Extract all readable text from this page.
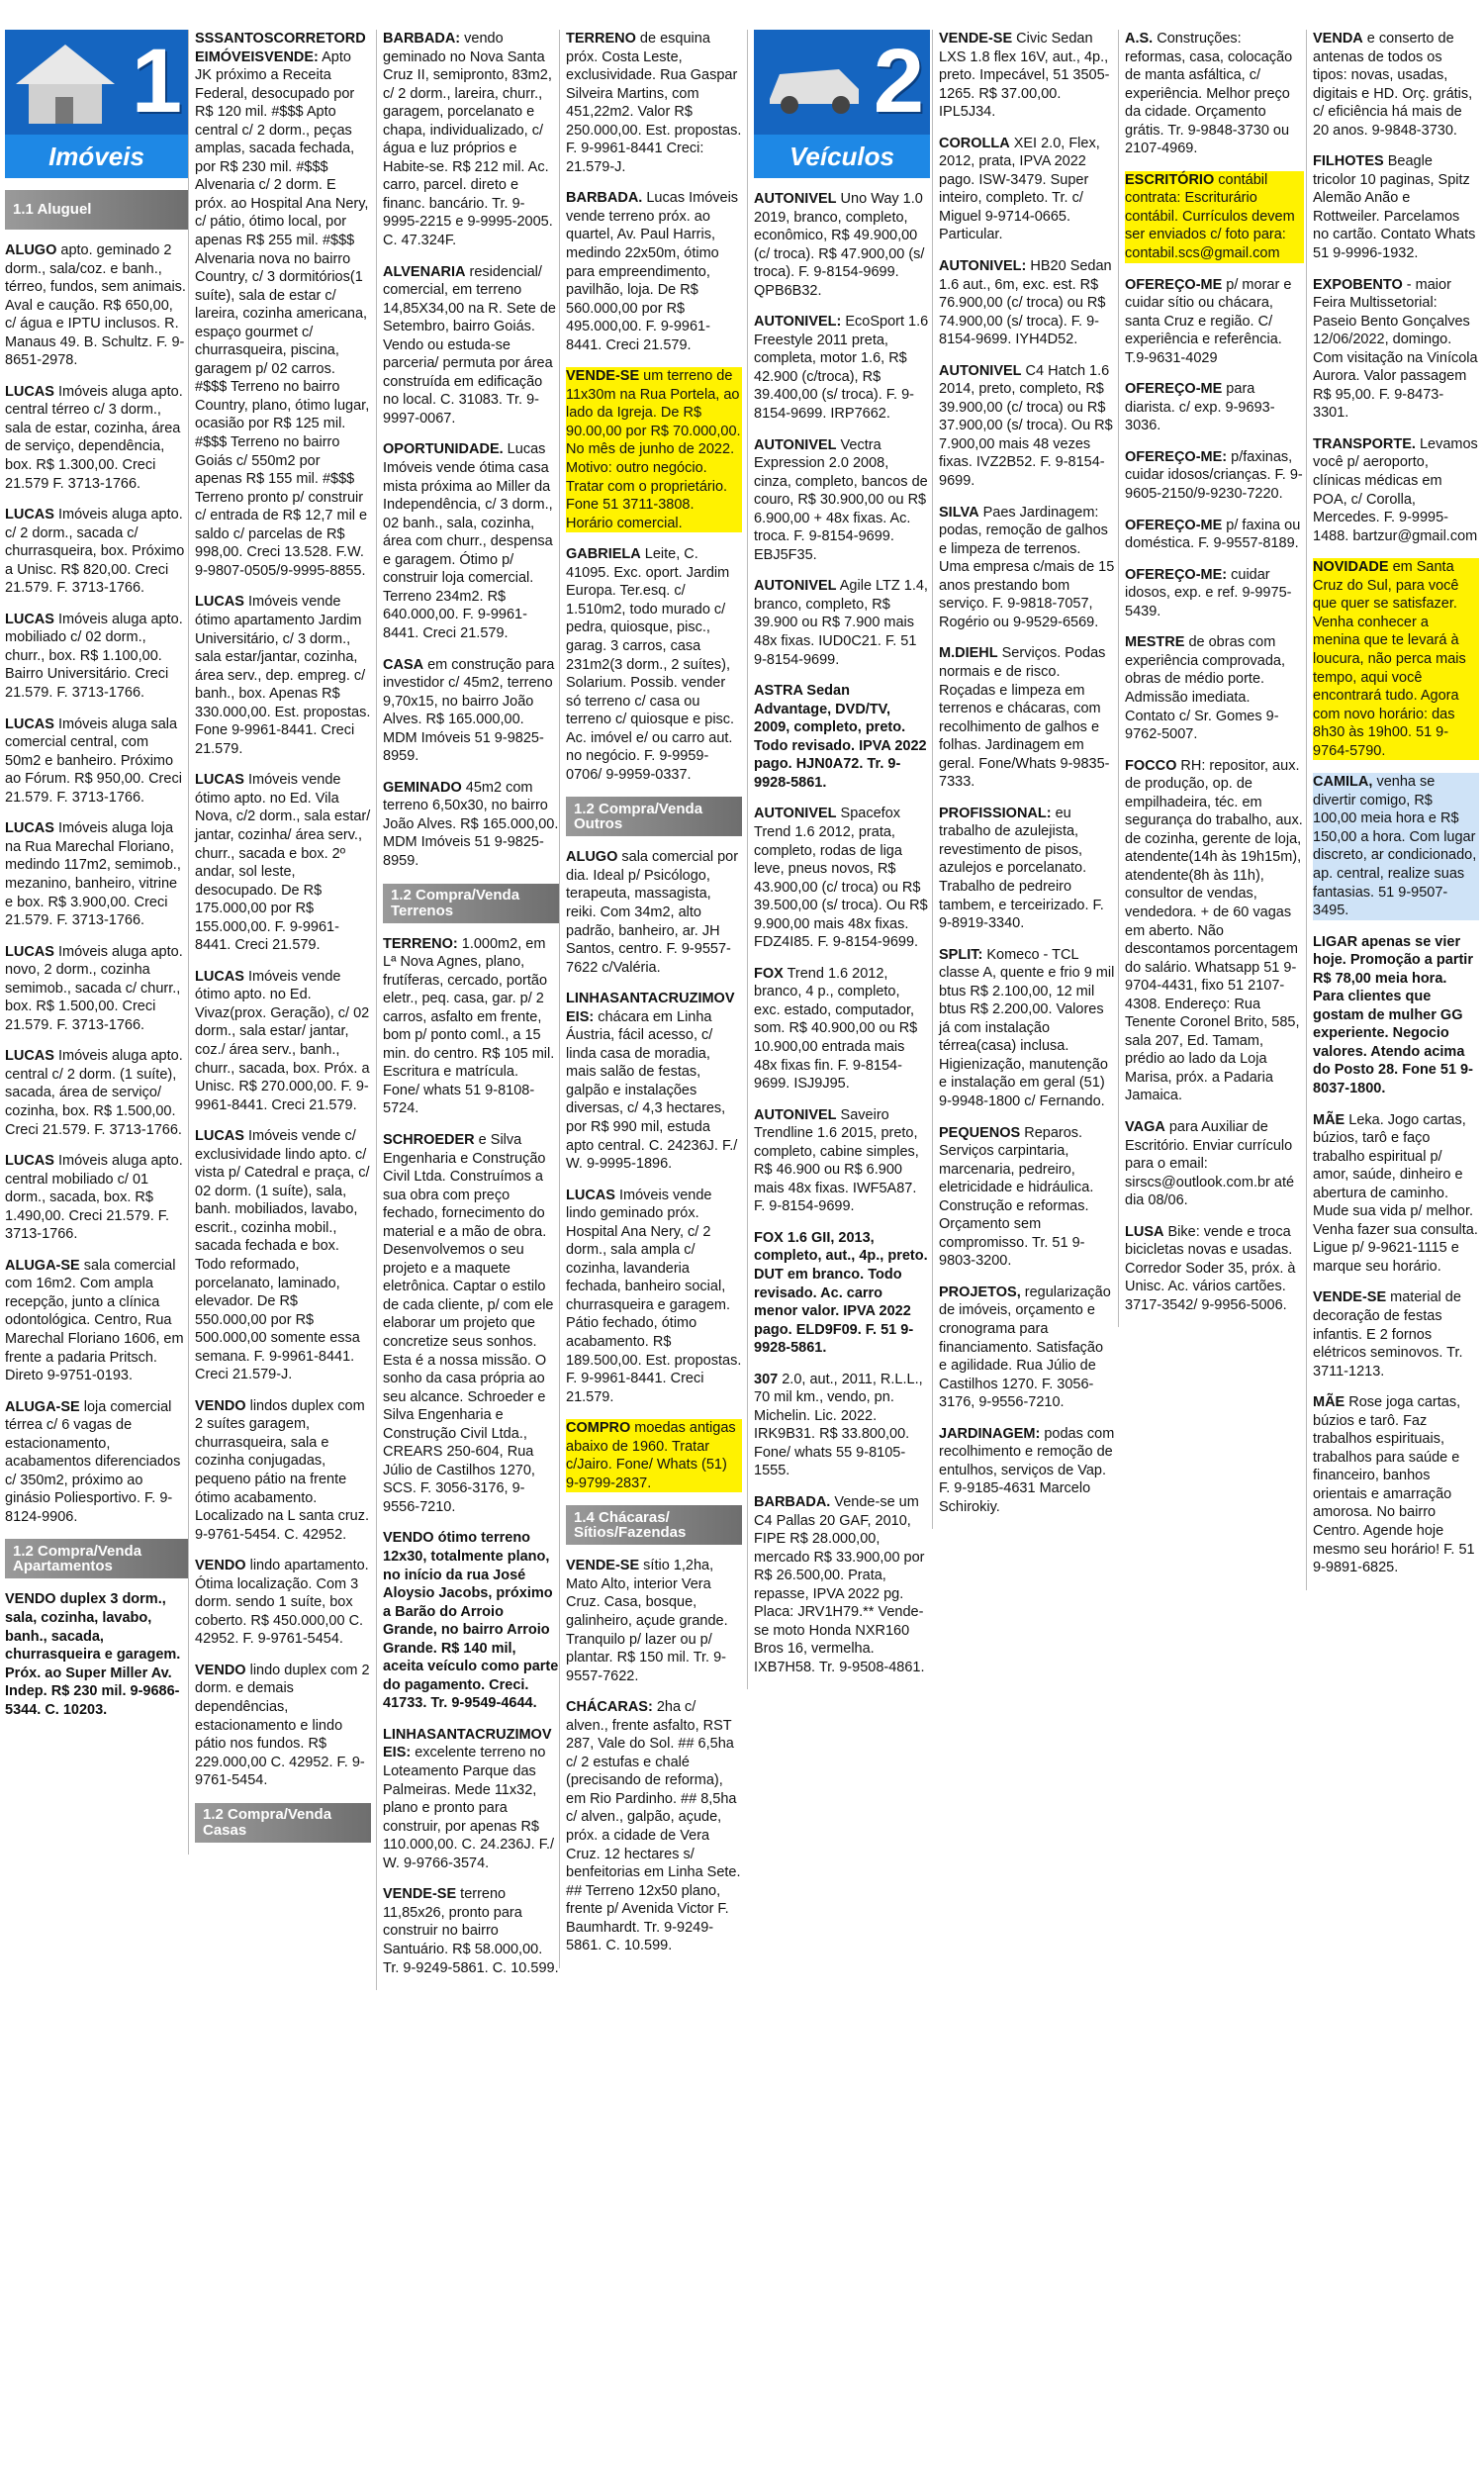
1
Imóveis
1.1 Aluguel

ALUGO apto. geminado 2 dorm., sala/coz. e banh., térreo, fundos, sem animais. Aval e caução. R$ 650,00, c/ água e IPTU inclusos. R. Manaus 49. B. Schultz. F. 9-8651-2978.

LUCAS Imóveis aluga apto. central térreo c/ 3 dorm., sala de estar, cozinha, área de serviço, dependência, box. R$ 1.300,00. Creci 21.579 F. 3713-1766.

LUCAS Imóveis aluga apto. c/ 2 dorm., sacada c/ churrasqueira, box. Próximo a Unisc. R$ 820,00. Creci 21.579. F. 3713-1766.

LUCAS Imóveis aluga apto. mobiliado c/ 02 dorm., churr., box. R$ 1.100,00. Bairro Universitário. Creci 21.579. F. 3713-1766.

LUCAS Imóveis aluga sala comercial central, com 50m2 e banheiro. Próximo ao Fórum. R$ 950,00. Creci 21.579. F. 3713-1766.

LUCAS Imóveis aluga loja na Rua Marechal Floriano, medindo 117m2, semimob., mezanino, banheiro, vitrine e box. R$ 3.900,00. Creci 21.579. F. 3713-1766.

LUCAS Imóveis aluga apto. novo, 2 dorm., cozinha semimob., sacada c/ churr., box. R$ 1.500,00. Creci 21.579. F. 3713-1766.

LUCAS Imóveis aluga apto. central c/ 2 dorm. (1 suíte), sacada, área de serviço/ cozinha, box. R$ 1.500,00. Creci 21.579. F. 3713-1766.

LUCAS Imóveis aluga apto. central mobiliado c/ 01 dorm., sacada, box. R$ 1.490,00. Creci 21.579. F. 3713-1766.

ALUGA-SE sala comercial com 16m2. Com ampla recepção, junto a clínica odontológica. Centro, Rua Marechal Floriano 1606, em frente a padaria Pritsch. Direto 9-9751-0193.

ALUGA-SE loja comercial térrea c/ 6 vagas de estacionamento, acabamentos diferenciados c/ 350m2, próximo ao ginásio Poliesportivo. F. 9-8124-9906.

1.2 Compra/Venda Apartamentos

VENDO duplex 3 dorm., sala, cozinha, lavabo, banh., sacada, churrasqueira e garagem. Próx. ao Super Miller Av. Indep. R$ 230 mil. 9-9686-5344. C. 10203.

SSSANTOSCORRETORDEIMÓVEISVENDE: Apto JK próximo a Receita Federal, desocupado por R$ 120 mil. #$$$ Apto central c/ 2 dorm., peças amplas, sacada fechada, por R$ 230 mil. #$$$ Alvenaria c/ 2 dorm. E próx. ao Hospital Ana Nery, c/ pátio, ótimo local, por apenas R$ 255 mil. #$$$ Alvenaria nova no bairro Country, c/ 3 dormitórios(1 suíte), sala de estar c/ lareira, cozinha americana, espaço gourmet c/ churrasqueira, piscina, garagem p/ 02 carros. #$$$ Terreno no bairro Country, plano, ótimo lugar, ocasião por R$ 125 mil. #$$$ Terreno no bairro Goiás c/ 550m2 por apenas R$ 155 mil. #$$$ Terreno pronto p/ construir c/ entrada de R$ 12,7 mil e saldo c/ parcelas de R$ 998,00. Creci 13.528. F.W. 9-9807-0505/9-9995-8855.

LUCAS Imóveis vende ótimo apartamento Jardim Universitário, c/ 3 dorm., sala estar/jantar, cozinha, área serv., dep. empreg. c/ banh., box. Apenas R$ 330.000,00. Est. propostas. Fone 9-9961-8441. Creci 21.579.

LUCAS Imóveis vende ótimo apto. no Ed. Vila Nova, c/2 dorm., sala estar/ jantar, cozinha/ área serv., churr., sacada e box. 2º andar, sol leste, desocupado. De R$ 175.000,00 por R$ 155.000,00. F. 9-9961-8441. Creci 21.579.

LUCAS Imóveis vende ótimo apto. no Ed. Vivaz(prox. Geração), c/ 02 dorm., sala estar/ jantar, coz./ área serv., banh., churr., sacada, box. Próx. a Unisc. R$ 270.000,00. F. 9-9961-8441. Creci 21.579.

LUCAS Imóveis vende c/ exclusividade lindo apto. c/ vista p/ Catedral e praça, c/ 02 dorm. (1 suíte), sala, banh. mobiliados, lavabo, escrit., cozinha mobil., sacada fechada e box. Todo reformado, porcelanato, laminado, elevador. De R$ 550.000,00 por R$ 500.000,00 somente essa semana. F. 9-9961-8441. Creci 21.579-J.

VENDO lindos duplex com 2 suítes garagem, churrasqueira, sala e cozinha conjugadas, pequeno pátio na frente ótimo acabamento. Localizado na L santa cruz. 9-9761-5454. C. 42952.

VENDO lindo apartamento. Ótima localização. Com 3 dorm. sendo 1 suíte, box coberto. R$ 450.000,00 C. 42952. F. 9-9761-5454.

VENDO lindo duplex com 2 dorm. e demais dependências, estacionamento e lindo pátio nos fundos. R$ 229.000,00 C. 42952. F. 9-9761-5454.

1.2 Compra/Venda Casas

BARBADA: vendo geminado no Nova Santa Cruz II, semipronto, 83m2, c/ 2 dorm., lareira, churr., garagem, porcelanato e chapa, individualizado, c/ água e luz próprios e Habite-se. R$ 212 mil. Ac. carro, parcel. direto e financ. bancário. Tr. 9-9995-2215 e 9-9995-2005. C. 47.324F.

ALVENARIA residencial/ comercial, em terreno 14,85X34,00 na R. Sete de Setembro, bairro Goiás. Vendo ou estuda-se parceria/ permuta por área construída em edificação no local. C. 31083. Tr. 9-9997-0067.

OPORTUNIDADE. Lucas Imóveis vende ótima casa mista próxima ao Miller da Independência, c/ 3 dorm., 02 banh., sala, cozinha, área com churr., despensa e garagem. Ótimo p/ construir loja comercial. Terreno 234m2. R$ 640.000,00. F. 9-9961-8441. Creci 21.579.

CASA em construção para investidor c/ 45m2, terreno 9,70x15, no bairro João Alves. R$ 165.000,00. MDM Imóveis 51 9-9825-8959.

GEMINADO 45m2 com terreno 6,50x30, no bairro João Alves. R$ 165.000,00. MDM Imóveis 51 9-9825-8959.

1.2 Compra/Venda Terrenos

TERRENO: 1.000m2, em Lª Nova Agnes, plano, frutíferas, cercado, portão eletr., peq. casa, gar. p/ 2 carros, asfalto em frente, bom p/ ponto coml., a 15 min. do centro. R$ 105 mil. Escritura e matrícula. Fone/ whats 51 9-8108-5724.

SCHROEDER e Silva Engenharia e Construção Civil Ltda. Construímos a sua obra com preço fechado, fornecimento do material e a mão de obra. Desenvolvemos o seu projeto e a maquete eletrônica. Captar o estilo de cada cliente, p/ com ele elaborar um projeto que concretize seus sonhos. Esta é a nossa missão. O sonho da casa própria ao seu alcance. Schroeder e Silva Engenharia e Construção Civil Ltda., CREARS 250-604, Rua Júlio de Castilhos 1270, SCS. F. 3056-3176, 9-9556-7210.

VENDO ótimo terreno 12x30, totalmente plano, no início da rua José Aloysio Jacobs, próximo a Barão do Arroio Grande, no bairro Arroio Grande. R$ 140 mil, aceita veículo como parte do pagamento. Creci. 41733. Tr. 9-9549-4644.

LINHASANTACRUZIMOVEIS: excelente terreno no Loteamento Parque das Palmeiras. Mede 11x32, plano e pronto para construir, por apenas R$ 110.000,00. C. 24.236J. F./ W. 9-9766-3574.

VENDE-SE terreno 11,85x26, pronto para construir no bairro Santuário. R$ 58.000,00. Tr. 9-9249-5861. C. 10.599.

TERRENO de esquina próx. Costa Leste, exclusividade. Rua Gaspar Silveira Martins, com 451,22m2. Valor R$ 250.000,00. Est. propostas. F. 9-9961-8441 Creci: 21.579-J.

BARBADA. Lucas Imóveis vende terreno próx. ao quartel, Av. Paul Harris, medindo 22x50m, ótimo para empreendimento, pavilhão, loja. De R$ 560.000,00 por R$ 495.000,00. F. 9-9961-8441. Creci 21.579.

VENDE-SE um terreno de 11x30m na Rua Portela, ao lado da Igreja. De R$ 90.00,00 por R$ 70.000,00. No mês de junho de 2022. Motivo: outro negócio. Tratar com o proprietário. Fone 51 3711-3808. Horário comercial.

GABRIELA Leite, C. 41095. Exc. oport. Jardim Europa. Ter.esq. c/ 1.510m2, todo murado c/ pedra, quiosque, pisc., garag. 3 carros, casa 231m2(3 dorm., 2 suítes), Solarium. Possib. vender só terreno c/ casa ou terreno c/ quiosque e pisc. Ac. imóvel e/ ou carro aut. no negócio. F. 9-9959-0706/ 9-9959-0337.

1.2 Compra/Venda Outros

ALUGO sala comercial por dia. Ideal p/ Psicólogo, terapeuta, massagista, reiki. Com 34m2, alto padrão, banheiro, ar. JH Santos, centro. F. 9-9557-7622 c/Valéria.

LINHASANTACRUZIMOVEIS: chácara em Linha Áustria, fácil acesso, c/ linda casa de moradia, mais salão de festas, galpão e instalações diversas, c/ 4,3 hectares, por R$ 990 mil, estuda apto central. C. 24236J. F./ W. 9-9995-1896.

LUCAS Imóveis vende lindo geminado próx. Hospital Ana Nery, c/ 2 dorm., sala ampla c/ cozinha, lavanderia fechada, banheiro social, churrasqueira e garagem. Pátio fechado, ótimo acabamento. R$ 189.500,00. Est. propostas. F. 9-9961-8441. Creci 21.579.

COMPRO moedas antigas abaixo de 1960. Tratar c/Jairo. Fone/ Whats (51) 9-9799-2837.

1.4 Chácaras/ Sítios/Fazendas

VENDE-SE sítio 1,2ha, Mato Alto, interior Vera Cruz. Casa, bosque, galinheiro, açude grande. Tranquilo p/ lazer ou p/ plantar. R$ 150 mil. Tr. 9-9557-7622.

CHÁCARAS: 2ha c/ alven., frente asfalto, RST 287, Vale do Sol. ## 6,5ha c/ 2 estufas e chalé (precisando de reforma), em Rio Pardinho. ## 8,5ha c/ alven., galpão, açude, próx. a cidade de Vera Cruz. 12 hectares s/ benfeitorias em Linha Sete. ## Terreno 12x50 plano, frente p/ Avenida Victor F. Baumhardt. Tr. 9-9249-5861. C. 10.599.

2
Veículos

AUTONIVEL Uno Way 1.0 2019, branco, completo, econômico, R$ 49.900,00 (c/ troca). R$ 47.900,00 (s/ troca). F. 9-8154-9699. QPB6B32.

AUTONIVEL: EcoSport 1.6 Freestyle 2011 preta, completa, motor 1.6, R$ 42.900 (c/troca), R$ 39.400,00 (s/ troca). F. 9-8154-9699. IRP7662.

AUTONIVEL Vectra Expression 2.0 2008, cinza, completo, bancos de couro, R$ 30.900,00 ou R$ 6.900,00 + 48x fixas. Ac. troca. F. 9-8154-9699. EBJ5F35.

AUTONIVEL Agile LTZ 1.4, branco, completo, R$ 39.900 ou R$ 7.900 mais 48x fixas. IUD0C21. F. 51 9-8154-9699.

ASTRA Sedan Advantage, DVD/TV, 2009, completo, preto. Todo revisado. IPVA 2022 pago. HJN0A72. Tr. 9-9928-5861.

AUTONIVEL Spacefox Trend 1.6 2012, prata, completo, rodas de liga leve, pneus novos, R$ 43.900,00 (c/ troca) ou R$ 39.500,00 (s/ troca). Ou R$ 9.900,00 mais 48x fixas. FDZ4I85. F. 9-8154-9699.

FOX Trend 1.6 2012, branco, 4 p., completo, exc. estado, computador, som. R$ 40.900,00 ou R$ 10.900,00 entrada mais 48x fixas fin. F. 9-8154-9699. ISJ9J95.

AUTONIVEL Saveiro Trendline 1.6 2015, preto, completo, cabine simples, R$ 46.900 ou R$ 6.900 mais 48x fixas. IWF5A87. F. 9-8154-9699.

FOX 1.6 GII, 2013, completo, aut., 4p., preto. DUT em branco. Todo revisado. Ac. carro menor valor. IPVA 2022 pago. ELD9F09. F. 51 9-9928-5861.

307 2.0, aut., 2011, R.L.L., 70 mil km., vendo, pn. Michelin. Lic. 2022. IRK9B31. R$ 33.800,00. Fone/ whats 55 9-8105-1555.

BARBADA. Vende-se um C4 Pallas 20 GAF, 2010, FIPE R$ 28.000,00, mercado R$ 33.900,00 por R$ 26.500,00. Prata, repasse, IPVA 2022 pg. Placa: JRV1H79.** Vende-se moto Honda NXR160 Bros 16, vermelha. IXB7H58. Tr. 9-9508-4861.

VENDE-SE Civic Sedan LXS 1.8 flex 16V, aut., 4p., preto. Impecável, 51 3505-1265. R$ 37.00,00. IPL5J34.

COROLLA XEI 2.0, Flex, 2012, prata, IPVA 2022 pago. ISW-3479. Super inteiro, completo. Tr. c/ Miguel 9-9714-0665. Particular.

AUTONIVEL: HB20 Sedan 1.6 aut., 6m, exc. est. R$ 76.900,00 (c/ troca) ou R$ 74.900,00 (s/ troca). F. 9-8154-9699. IYH4D52.

AUTONIVEL C4 Hatch 1.6 2014, preto, completo, R$ 39.900,00 (c/ troca) ou R$ 37.900,00 (s/ troca). Ou R$ 7.900,00 mais 48 vezes fixas. IVZ2B52. F. 9-8154-9699.

SILVA Paes Jardinagem: podas, remoção de galhos e limpeza de terrenos. Uma empresa c/mais de 15 anos prestando bom serviço. F. 9-9818-7057, Rogério ou 9-9529-6569.

M.DIEHL Serviços. Podas normais e de risco. Roçadas e limpeza em terrenos e chácaras, com recolhimento de galhos e folhas. Jardinagem em geral. Fone/Whats 9-9835-7333.

PROFISSIONAL: eu trabalho de azulejista, revestimento de pisos, azulejos e porcelanato. Trabalho de pedreiro tambem, e terceirizado. F. 9-8919-3340.

SPLIT: Komeco - TCL classe A, quente e frio 9 mil btus R$ 2.100,00, 12 mil btus R$ 2.200,00. Valores já com instalação térrea(casa) inclusa. Higienização, manutenção e instalação em geral (51) 9-9948-1800 c/ Fernando.

PEQUENOS Reparos. Serviços carpintaria, marcenaria, pedreiro, eletricidade e hidráulica. Construção e reformas. Orçamento sem compromisso. Tr. 51 9-9803-3200.

PROJETOS, regularização de imóveis, orçamento e cronograma para financiamento. Satisfação e agilidade. Rua Júlio de Castilhos 1270. F. 3056-3176, 9-9556-7210.

JARDINAGEM: podas com recolhimento e remoção de entulhos, serviços de Vap. F. 9-9185-4631 Marcelo Schirokiy.

A.S. Construções: reformas, casa, colocação de manta asfáltica, c/ experiência. Melhor preço da cidade. Orçamento grátis. Tr. 9-9848-3730 ou 2107-4969.

ESCRITÓRIO contábil contrata: Escriturário contábil. Currículos devem ser enviados c/ foto para: contabil.scs@gmail.com

OFEREÇO-ME p/ morar e cuidar sítio ou chácara, santa Cruz e região. C/ experiência e referência. T.9-9631-4029

OFEREÇO-ME para diarista. c/ exp. 9-9693-3036.

OFEREÇO-ME: p/faxinas, cuidar idosos/crianças. F. 9-9605-2150/9-9230-7220.

OFEREÇO-ME p/ faxina ou doméstica. F. 9-9557-8189.

OFEREÇO-ME: cuidar idosos, exp. e ref. 9-9975-5439.

MESTRE de obras com experiência comprovada, obras de médio porte. Admissão imediata. Contato c/ Sr. Gomes 9-9762-5007.

FOCCO RH: repositor, aux. de produção, op. de empilhadeira, téc. em segurança do trabalho, aux. de cozinha, gerente de loja, atendente(14h às 19h15m), atendente(8h às 11h), consultor de vendas, vendedora. + de 60 vagas em aberto. Não descontamos porcentagem do salário. Whatsapp 51 9-9704-4431, fixo 51 2107-4308. Endereço: Rua Tenente Coronel Brito, 585, sala 207, Ed. Tamam, prédio ao lado da Loja Marisa, próx. a Padaria Jamaica.

VAGA para Auxiliar de Escritório. Enviar currículo para o email: sirscs@outlook.com.br até dia 08/06.

LUSA Bike: vende e troca bicicletas novas e usadas. Corredor Soder 35, próx. à Unisc. Ac. vários cartões. 3717-3542/ 9-9956-5006.

VENDA e conserto de antenas de todos os tipos: novas, usadas, digitais e HD. Orç. grátis, c/ eficiência há mais de 20 anos. 9-9848-3730.

FILHOTES Beagle tricolor 10 paginas, Spitz Alemão Anão e Rottweiler. Parcelamos no cartão. Contato Whats 51 9-9996-1932.

EXPOBENTO - maior Feira Multissetorial: Paseio Bento Gonçalves 12/06/2022, domingo. Com visitação na Vinícola Aurora. Valor passagem R$ 95,00. F. 9-8473-3301.

TRANSPORTE. Levamos você p/ aeroporto, clínicas médicas em POA, c/ Corolla, Mercedes. F. 9-9995-1488. bartzur@gmail.com

NOVIDADE em Santa Cruz do Sul, para você que quer se satisfazer. Venha conhecer a menina que te levará à loucura, não perca mais tempo, aqui você encontrará tudo. Agora com novo horário: das 8h30 às 19h00. 51 9-9764-5790.

CAMILA, venha se divertir comigo, R$ 100,00 meia hora e R$ 150,00 a hora. Com lugar discreto, ar condicionado, ap. central, realize suas fantasias. 51 9-9507-3495.

LIGAR apenas se vier hoje. Promoção a partir R$ 78,00 meia hora. Para clientes que gostam de mulher GG experiente. Negocio valores. Atendo acima do Posto 28. Fone 51 9-8037-1800.

MÃE Leka. Jogo cartas, búzios, tarô e faço trabalho espiritual p/ amor, saúde, dinheiro e abertura de caminho. Mude sua vida p/ melhor. Venha fazer sua consulta. Ligue p/ 9-9621-1115 e marque seu horário.

VENDE-SE material de decoração de festas infantis. E 2 fornos elétricos seminovos. Tr. 3711-1213.

MÃE Rose joga cartas, búzios e tarô. Faz trabalhos espirituais, trabalhos para saúde e financeiro, banhos orientais e amarração amorosa. No bairro Centro. Agende hoje mesmo seu horário! F. 51 9-9891-6825.
